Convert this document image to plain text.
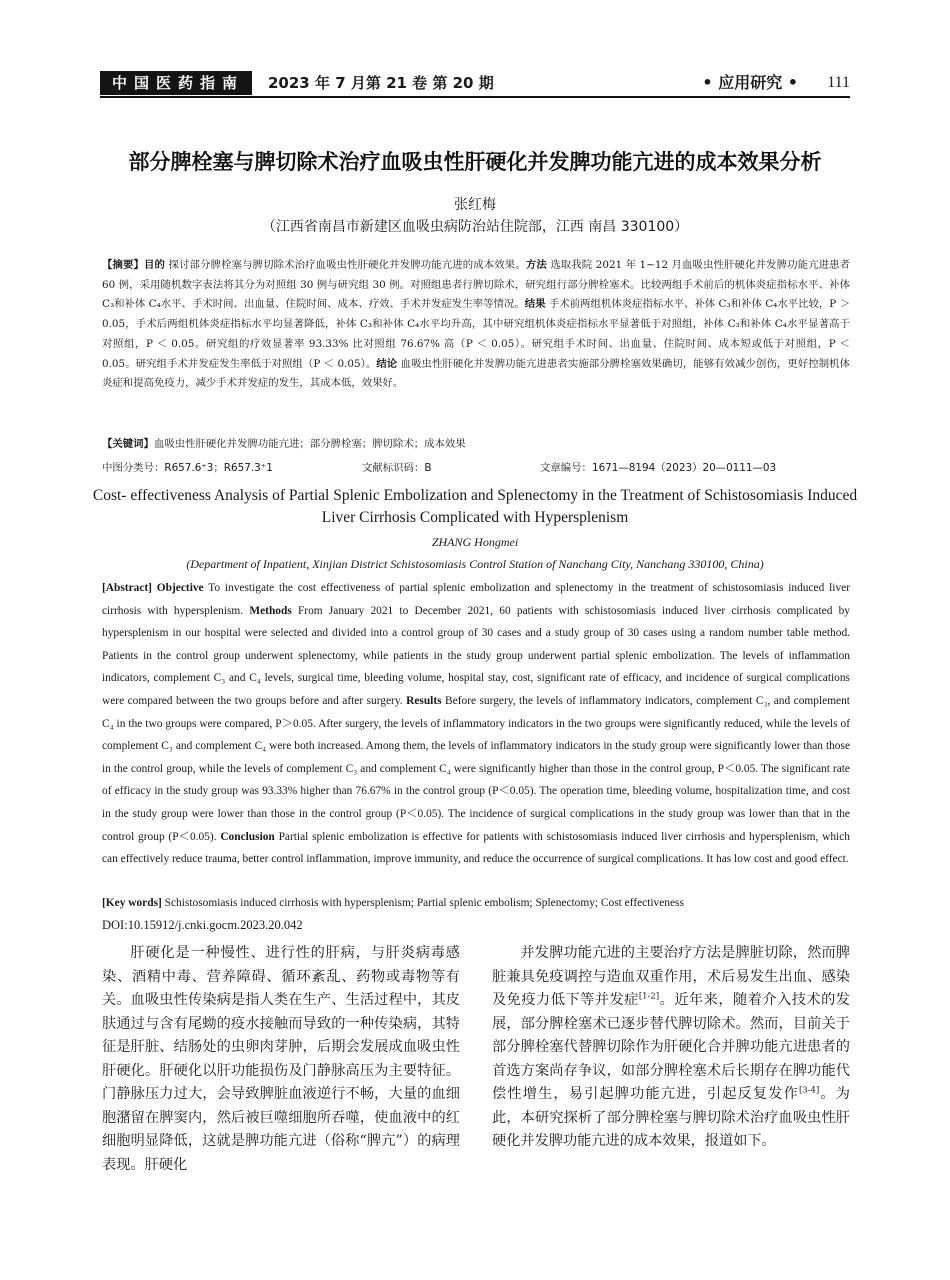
中国医药指南	2023 年 7 月第 21 卷 第 20 期	• 应用研究 • 111
部分脾栓塞与脾切除术治疗血吸虫性肝硬化并发脾功能亢进的成本效果分析
张红梅
（江西省南昌市新建区血吸虫病防治站住院部，江西 南昌 330100）

【摘要】目的 探讨部分脾栓塞与脾切除术治疗血吸虫性肝硬化并发脾功能亢进的成本效果。方法 选取我院 2021 年 1~12 月血吸虫性肝硬化并发脾功能亢进患者 60 例，采用随机数字表法将其分为对照组 30 例与研究组 30 例。对照组患者行脾切除术，研究组行部分脾栓塞术。比较两组手术前后的机体炎症指标水平、补体 C₃和补体 C₄水平、手术时间、出血量、住院时间、成本、疗效、手术并发症发生率等情况。结果 手术前两组机体炎症指标水平、补体 C₃和补体 C₄水平比较，P ＞ 0.05，手术后两组机体炎症指标水平均显著降低，补体 C₃和补体 C₄水平均升高，其中研究组机体炎症指标水平显著低于对照组，补体 C₃和补体 C₄水平显著高于对照组，P ＜ 0.05。研究组的疗效显著率 93.33% 比对照组 76.67% 高（P ＜ 0.05）。研究组手术时间、出血量、住院时间、成本短或低于对照组，P ＜ 0.05。研究组手术并发症发生率低于对照组（P ＜ 0.05）。结论 血吸虫性肝硬化并发脾功能亢进患者实施部分脾栓塞效果确切，能够有效减少创伤，更好控制机体炎症和提高免疫力，减少手术并发症的发生，其成本低，效果好。

【关键词】血吸虫性肝硬化并发脾功能亢进；部分脾栓塞；脾切除术；成本效果

中图分类号：R657.6⁺3；R657.3⁺1	文献标识码：B	文章编号：1671—8194（2023）20—0111—03
Cost- effectiveness Analysis of Partial Splenic Embolization and Splenectomy in the Treatment of Schistosomiasis Induced Liver Cirrhosis Complicated with Hypersplenism
ZHANG Hongmei
(Department of Inpatient, Xinjian District Schistosomiasis Control Station of Nanchang City, Nanchang 330100, China)

[Abstract] Objective To investigate the cost effectiveness of partial splenic embolization and splenectomy in the treatment of schistosomiasis induced liver cirrhosis with hypersplenism. Methods From January 2021 to December 2021, 60 patients with schistosomiasis induced liver cirrhosis complicated by hypersplenism in our hospital were selected and divided into a control group of 30 cases and a study group of 30 cases using a random number table method. Patients in the control group underwent splenectomy, while patients in the study group underwent partial splenic embolization. The levels of inflammation indicators, complement C₃ and C₄ levels, surgical time, bleeding volume, hospital stay, cost, significant rate of efficacy, and incidence of surgical complications were compared between the two groups before and after surgery. Results Before surgery, the levels of inflammatory indicators, complement C₃, and complement C₄ in the two groups were compared, P＞0.05. After surgery, the levels of inflammatory indicators in the two groups were significantly reduced, while the levels of complement C₃ and complement C₄ were both increased. Among them, the levels of inflammatory indicators in the study group were significantly lower than those in the control group, while the levels of complement C₃ and complement C₄ were significantly higher than those in the control group, P＜0.05. The significant rate of efficacy in the study group was 93.33% higher than 76.67% in the control group (P＜0.05). The operation time, bleeding volume, hospitalization time, and cost in the study group were lower than those in the control group (P＜0.05). The incidence of surgical complications in the study group was lower than that in the control group (P＜0.05). Conclusion Partial splenic embolization is effective for patients with schistosomiasis induced liver cirrhosis and hypersplenism, which can effectively reduce trauma, better control inflammation, improve immunity, and reduce the occurrence of surgical complications. It has low cost and good effect.

[Key words] Schistosomiasis induced cirrhosis with hypersplenism; Partial splenic embolism; Splenectomy; Cost effectiveness

DOI:10.15912/j.cnki.gocm.2023.20.042

肝硬化是一种慢性、进行性的肝病，与肝炎病毒感染、酒精中毒、营养障碍、循环紊乱、药物或毒物等有关。血吸虫性传染病是指人类在生产、生活过程中，其皮肤通过与含有尾蚴的疫水接触而导致的一种传染病，其特征是肝脏、结肠处的虫卵肉芽肿，后期会发展成血吸虫性肝硬化。肝硬化以肝功能损伤及门静脉高压为主要特征。门静脉压力过大，会导致脾脏血液逆行不畅，大量的血细胞潴留在脾窦内，然后被巨噬细胞所吞噬，使血液中的红细胞明显降低，这就是脾功能亢进（俗称“脾亢”）的病理表现。肝硬化

并发脾功能亢进的主要治疗方法是脾脏切除，然而脾脏兼具免疫调控与造血双重作用，术后易发生出血、感染及免疫力低下等并发症[1-2]。近年来，随着介入技术的发展，部分脾栓塞术已逐步替代脾切除术。然而，目前关于部分脾栓塞代替脾切除作为肝硬化合并脾功能亢进患者的首选方案尚存争议，如部分脾栓塞术后长期存在脾功能代偿性增生，易引起脾功能亢进，引起反复发作[3-4]。为此，本研究探析了部分脾栓塞与脾切除术治疗血吸虫性肝硬化并发脾功能亢进的成本效果，报道如下。
